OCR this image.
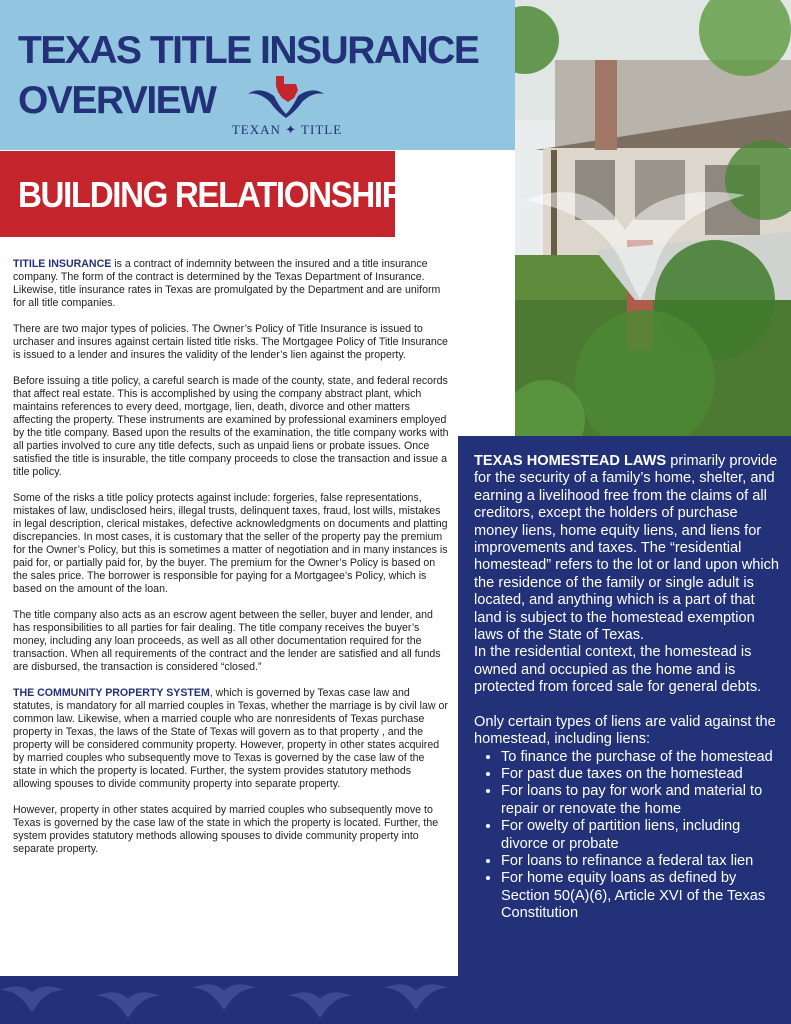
TEXAS TITLE INSURANCE
OVERVIEW
TEXAN ✦ TITLE
BUILDING RELATIONSHIPS

TITILE INSURANCE is a contract of indemnity between the insured and a title insurance company. The form of the contract is determined by the Texas Department of Insurance. Likewise, title insurance rates in Texas are promulgated by the Department and are uniform for all title companies.

There are two major types of policies. The Owner’s Policy of Title Insurance is issued to urchaser and insures against certain listed title risks. The Mortgagee Policy of Title Insurance is issued to a lender and insures the validity of the lender’s lien against the property.

Before issuing a title policy, a careful search is made of the county, state, and federal records that affect real estate. This is accomplished by using the company abstract plant, which maintains references to every deed, mortgage, lien, death, divorce and other matters affecting the property. These instruments are examined by professional examiners employed by the title company. Based upon the results of the examination, the title company works with all parties involved to cure any title defects, such as unpaid liens or probate issues. Once satisfied the title is insurable, the title company proceeds to close the transaction and issue a title policy.

Some of the risks a title policy protects against include: forgeries, false representations, mistakes of law, undisclosed heirs, illegal trusts, delinquent taxes, fraud, lost wills, mistakes in legal description, clerical mistakes, defective acknowledgments on documents and platting discrepancies. In most cases, it is customary that the seller of the property pay the premium for the Owner’s Policy, but this is sometimes a matter of negotiation and in many instances is paid for, or partially paid for, by the buyer. The premium for the Owner’s Policy is based on the sales price. The borrower is responsible for paying for a Mortgagee’s Policy, which is based on the amount of the loan.

The title company also acts as an escrow agent between the seller, buyer and lender, and has responsibilities to all parties for fair dealing. The title company receives the buyer’s money, including any loan proceeds, as well as all other documentation required for the transaction. When all requirements of the contract and the lender are satisfied and all funds are disbursed, the transaction is considered “closed.”

THE COMMUNITY PROPERTY SYSTEM, which is governed by Texas case law and statutes, is mandatory for all married couples in Texas, whether the marriage is by civil law or common law. Likewise, when a married couple who are nonresidents of Texas purchase property in Texas, the laws of the State of Texas will govern as to that property , and the property will be considered community property. However, property in other states acquired by married couples who subsequently move to Texas is governed by the case law of the state in which the property is located. Further, the system provides statutory methods allowing spouses to divide community property into separate property.

However, property in other states acquired by married couples who subsequently move to Texas is governed by the case law of the state in which the property is located. Further, the system provides statutory methods allowing spouses to divide community property into separate property.

TEXAS HOMESTEAD LAWS primarily provide for the security of a family’s home, shelter, and earning a livelihood free from the claims of all creditors, except the holders of purchase money liens, home equity liens, and liens for improvements and taxes. The “residential homestead” refers to the lot or land upon which the residence of the family or single adult is located, and anything which is a part of that land is subject to the homestead exemption laws of the State of Texas.

In the residential context, the homestead is owned and occupied as the home and is protected from forced sale for general debts.

Only certain types of liens are valid against the homestead, including liens:

• To finance the purchase of the homestead
• For past due taxes on the homestead
• For loans to pay for work and material to repair or renovate the home
• For owelty of partition liens, including divorce or probate
• For loans to refinance a federal tax lien
• For home equity loans as defined by Section 50(A)(6), Article XVI of the Texas Constitution
